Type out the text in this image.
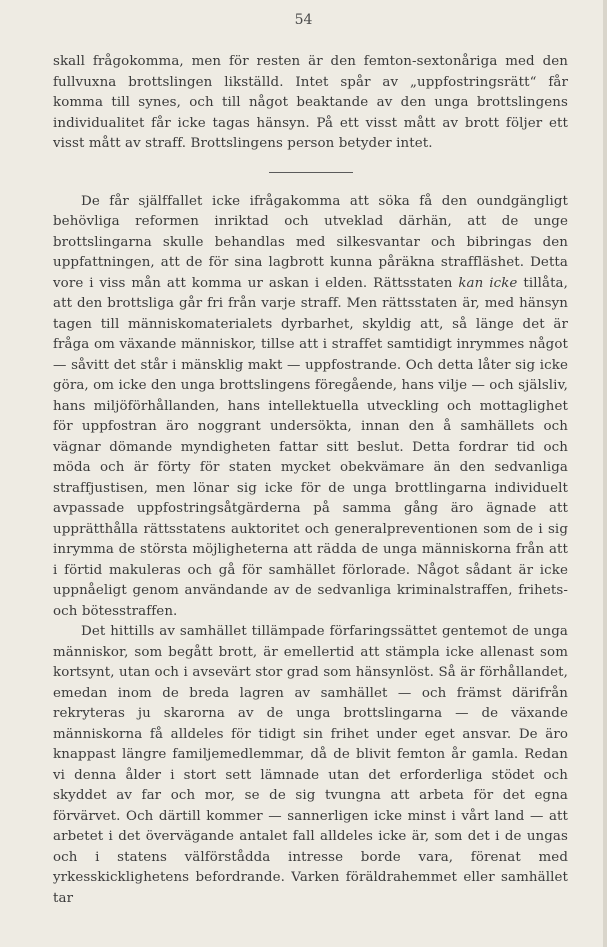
54

skall frågokomma, men för resten är den femton-sextonåriga med den fullvuxna brottslingen likställd. Intet spår av „uppfostringsrätt“ får komma till synes, och till något beaktande av den unga brottslingens individualitet får icke tagas hänsyn. På ett visst mått av brott följer ett visst mått av straff. Brottslingens person betyder intet.

De får själffallet icke ifrågakomma att söka få den oundgängligt behövliga reformen inriktad och utveklad därhän, att de unge brottslingarna skulle behandlas med silkesvantar och bibringas den uppfattningen, att de för sina lagbrott kunna påräkna straffläshet. Detta vore i viss mån att komma ur askan i elden. Rättsstaten kan icke tillåta, att den brottsliga går fri från varje straff. Men rättsstaten är, med hänsyn tagen till människomaterialets dyrbarhet, skyldig att, så länge det är fråga om växande människor, tillse att i straffet samtidigt inrymmes något — såvitt det står i mänsklig makt — uppfostrande. Och detta låter sig icke göra, om icke den unga brottslingens föregående, hans vilje — och själsliv, hans miljöförhållanden, hans intellektuella utveckling och mottaglighet för uppfostran äro noggrant undersökta, innan den å samhällets och vägnar dömande myndigheten fattar sitt beslut. Detta fordrar tid och möda och är förty för staten mycket obekvämare än den sedvanliga straffjustisen, men lönar sig icke för de unga brottlingarna individuelt avpassade uppfostringsåtgärderna på samma gång äro ägnade att upprätthålla rättsstatens auktoritet och generalpreventionen som de i sig inrymma de största möjligheterna att rädda de unga människorna från att i förtid makuleras och gå för samhället förlorade. Något sådant är icke uppnåeligt genom användande av de sedvanliga kriminalstraffen, frihets- och bötesstraffen.

Det hittills av samhället tillämpade förfaringssättet gentemot de unga människor, som begått brott, är emellertid att stämpla icke allenast som kortsynt, utan och i avsevärt stor grad som hänsynlöst. Så är förhållandet, emedan inom de breda lagren av samhället — och främst därifrån rekryteras ju skarorna av de unga brottslingarna — de växande människorna få alldeles för tidigt sin frihet under eget ansvar. De äro knappast längre familjemedlemmar, då de blivit femton år gamla. Redan vi denna ålder i stort sett lämnade utan det erforderliga stödet och skyddet av far och mor, se de sig tvungna att arbeta för det egna förvärvet. Och därtill kommer — sannerligen icke minst i vårt land — att arbetet i det övervägande antalet fall alldeles icke är, som det i de ungas och i statens välförstådda intresse borde vara, förenat med yrkesskicklighetens befordrande. Varken föräldrahemmet eller samhället tar
